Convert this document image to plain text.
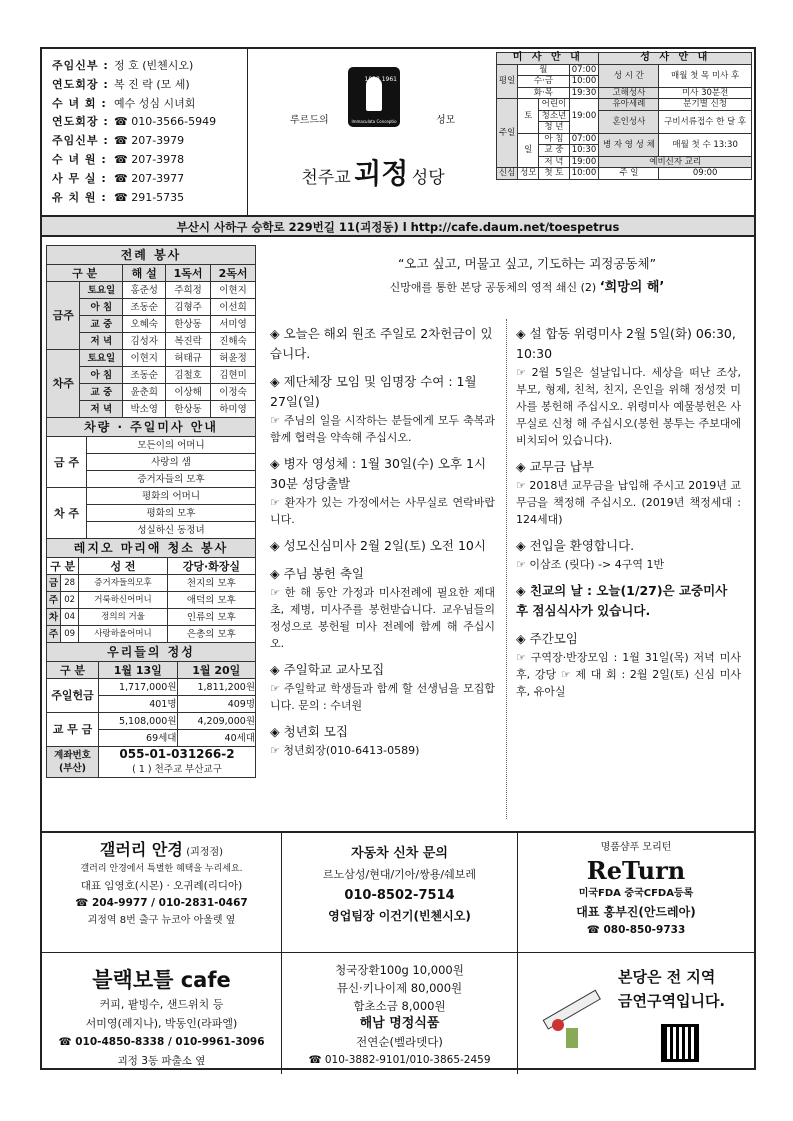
주임신부 : 정 호 (빈첸시오)
연도회장 : 복 진 락 (모 세)
수 녀 회 : 예수 성심 시녀회
연도회장 : ☎ 010-3566-5949
주임신부 : ☎ 207-3979
수 녀 원 : ☎ 207-3978
사 무 실 : ☎ 207-3977
유 치 원 : ☎ 291-5735
1858 1961
Immaculata Conceptio
루르드의	성모
천주교 괴정 성당
미 사 안 내				성 사 안 내	
평일	월		07:00	성 시 간	매월 첫 목 미사 후
	수·금		10:00		
	화·목		19:30	고해성사	미사 30분전
주일	토	어린이	19:00	유아세례	분기별 신청
		청소년		혼인성사	구비서류접수 한 달 후
		청 년			
	일	아 침	07:00	병 자 영 성 체	매월 첫 수 13:30
		교 중	10:30		
		저 녁	19:00	예비신자 교리	
신심	성모	첫 토	10:00	주 일	09:00
부산시 사하구 승학로 229번길 11(괴정동) l http://cafe.daum.net/toespetrus
전례 봉사				
구 분		해 설	1독서	2독서
금주	토요일	홍준성	주희정	이현지
	아 침	조동순	김형주	이선희
	교 중	오혜숙	한상동	서미영
	저 녁	김성자	복진락	진해숙
차주	토요일	이현지	허태규	허윤정
	아 침	조동순	김철호	김현미
	교 중	윤춘희	이상해	이정숙
	저 녁	박소영	한상동	하미영
차량 · 주일미사 안내	
금 주	모든이의 어머니
	사랑의 샘
	증거자들의 모후
차 주	평화의 어머니
	평화의 모후
	성실하신 동정녀
레지오 마리애 청소 봉사			
구 분		성 전	강당·화장실
금	28	증거자들의모후	천지의 모후
주	02	거룩하신어머니	애덕의 모후
차	04	정의의 거울	인류의 모후
주	09	사랑하올어머니	은총의 모후
우리들의 정성		
구 분	1월 13일	1월 20일
주일헌금	1,717,000원	1,811,200원
	401명	409명
교 무 금	5,108,000원	4,209,000원
	69세대	40세대
계좌번호 (부산)	055-01-031266-2
( 1 ) 천주교 부산교구	
“오고 싶고, 머물고 싶고, 기도하는 괴정공동체”
신망애를 통한 본당 공동체의 영적 쇄신 (2) ‘희망의 해’
◈ 오늘은 해외 원조 주일로 2차헌금이 있습니다.
◈ 제단체장 모임 및 임명장 수여 : 1월 27일(일)

☞ 주님의 일을 시작하는 분들에게 모두 축복과 함께 협력을 약속해 주십시오.

◈ 병자 영성체 : 1월 30일(수) 오후 1시 30분 성당출발

☞ 환자가 있는 가정에서는 사무실로 연락바랍니다.

◈ 성모신심미사 2월 2일(토) 오전 10시
◈ 주님 봉헌 축일

☞ 한 해 동안 가정과 미사전례에 필요한 제대 초, 제병, 미사주를 봉헌받습니다. 교우님들의 정성으로 봉헌될 미사 전례에 함께 해 주십시오.

◈ 주일학교 교사모집

☞ 주일학교 학생들과 함께 할 선생님을 모집합니다. 문의 : 수녀원

◈ 청년회 모집

☞ 청년회장(010-6413-0589)

◈ 설 합동 위령미사 2월 5일(화) 06:30, 10:30

☞ 2월 5일은 설날입니다. 세상을 떠난 조상, 부모, 형제, 친척, 친지, 은인을 위해 정성껏 미사를 봉헌해 주십시오. 위령미사 예물봉헌은 사무실로 신청 해 주십시오(봉헌 봉투는 주보대에 비치되어 있습니다).

◈ 교무금 납부

☞ 2018년 교무금을 납입해 주시고 2019년 교무금을 책정해 주십시오. (2019년 책정세대 : 124세대)

◈ 전입을 환영합니다.

☞ 이삼조 (릿다) -> 4구역 1반

◈ 친교의 날 : 오늘(1/27)은 교중미사 후 점심식사가 있습니다.
◈ 주간모임

☞ 구역장·반장모임 : 1월 31일(목) 저녁 미사 후, 강당 ☞ 제 대 회 : 2월 2일(토) 신심 미사 후, 유아실

갤러리 안경 (괴정점)
갤러리 안경에서 특별한 혜택을 누리세요.
대표 임영호(시몬) · 오귀례(리디아)
☎ 204-9977 / 010-2831-0467
괴정역 8번 출구 뉴코아 아울렛 옆
자동차 신차 문의
르노삼성/현대/기아/쌍용/쉐보레
010-8502-7514
영업팀장 이건기(빈첸시오)
명품샴푸 모리턴
ReTurn
미국FDA 중국CFDA등록
대표 홍부진(안드레아)
☎ 080-850-9733
블랙보틀 cafe
커피, 팥빙수, 샌드위치 등
서미영(레지나), 박동인(라파엘)
☎ 010-4850-8338 / 010-9961-3096
괴정 3동 파출소 옆
청국장환100g 10,000원
뮤신·키나이제 80,000원
함초소금 8,000원
해남 명정식품
전연순(벨라뎃다)
☎ 010-3882-9101/010-3865-2459
본당은 전 지역
금연구역입니다.
